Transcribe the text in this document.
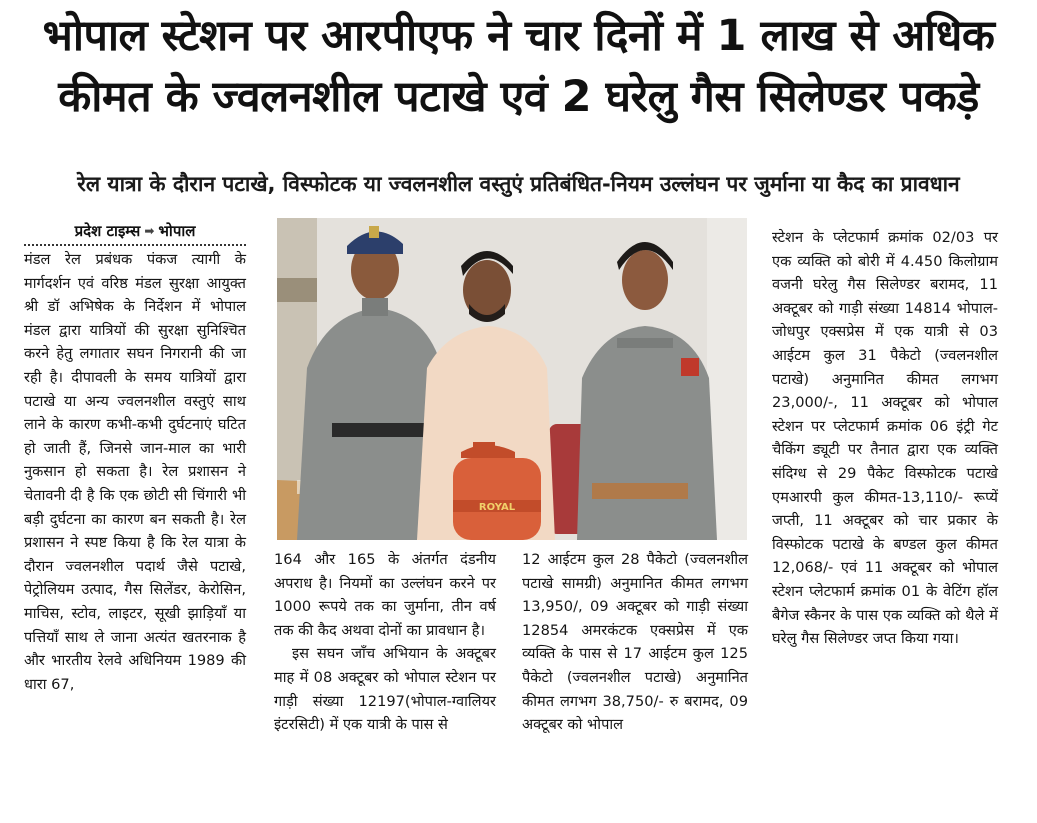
भोपाल स्टेशन पर आरपीएफ ने चार दिनों में 1 लाख से अधिक
कीमत के ज्वलनशील पटाखे एवं 2 घरेलु गैस सिलेण्डर पकड़े
रेल यात्रा के दौरान पटाखे, विस्फोटक या ज्वलनशील वस्तुएं प्रतिबंधित-नियम उल्लंघन पर जुर्माना या कैद का प्रावधान
प्रदेश टाइम्स ➡ भोपाल

मंडल रेल प्रबंधक पंकज त्यागी के मार्गदर्शन एवं वरिष्ठ मंडल सुरक्षा आयुक्त श्री डॉ अभिषेक के निर्देशन में भोपाल मंडल द्वारा यात्रियों की सुरक्षा सुनिश्चित करने हेतु लगातार सघन निगरानी की जा रही है। दीपावली के समय यात्रियों द्वारा पटाखे या अन्य ज्वलनशील वस्तुएं साथ लाने के कारण कभी-कभी दुर्घटनाएं घटित हो जाती हैं, जिनसे जान-माल का भारी नुकसान हो सकता है। रेल प्रशासन ने चेतावनी दी है कि एक छोटी सी चिंगारी भी बड़ी दुर्घटना का कारण बन सकती है। रेल प्रशासन ने स्पष्ट किया है कि रेल यात्रा के दौरान ज्वलनशील पदार्थ जैसे पटाखे, पेट्रोलियम उत्पाद, गैस सिलेंडर, केरोसिन, माचिस, स्टोव, लाइटर, सूखी झाड़ियाँ या पत्तियाँ साथ ले जाना अत्यंत खतरनाक है और भारतीय रेलवे अधिनियम 1989 की धारा 67,

ROYAL

164 और 165 के अंतर्गत दंडनीय अपराध है। नियमों का उल्लंघन करने पर 1000 रूपये तक का जुर्माना, तीन वर्ष तक की कैद अथवा दोनों का प्रावधान है।

इस सघन जाँच अभियान के अक्टूबर माह में 08 अक्टूबर को भोपाल स्टेशन पर गाड़ी संख्या 12197(भोपाल-ग्वालियर इंटरसिटी) में एक यात्री के पास से

12 आईटम कुल 28 पैकेटो (ज्वलनशील पटाखे सामग्री) अनुमानित कीमत लगभग 13,950/, 09 अक्टूबर को गाड़ी संख्या 12854 अमरकंटक एक्सप्रेस में एक व्यक्ति के पास से 17 आईटम कुल 125 पैकेटो (ज्वलनशील पटाखे) अनुमानित कीमत लगभग 38,750/- रु बरामद, 09 अक्टूबर को भोपाल

स्टेशन के प्लेटफार्म क्रमांक 02/03 पर एक व्यक्ति को बोरी में 4.450 किलोग्राम वजनी घरेलु गैस सिलेण्डर बरामद, 11 अक्टूबर को गाड़ी संख्या 14814 भोपाल-जोधपुर एक्सप्रेस में एक यात्री से 03 आईटम कुल 31 पैकेटो (ज्वलनशील पटाखे) अनुमानित कीमत लगभग 23,000/-, 11 अक्टूबर को भोपाल स्टेशन पर प्लेटफार्म क्रमांक 06 इंट्री गेट चैकिंग ड्यूटी पर तैनात द्वारा एक व्यक्ति संदिग्ध से 29 पैकेट विस्फोटक पटाखे एमआरपी कुल कीमत-13,110/- रूप्यें जप्ती, 11 अक्टूबर को चार प्रकार के विस्फोटक पटाखे के बण्डल कुल कीमत 12,068/- एवं 11 अक्टूबर को भोपाल स्टेशन प्लेटफार्म क्रमांक 01 के वेटिंग हॉल बैगेज स्कैनर के पास एक व्यक्ति को थैले में घरेलु गैस सिलेण्डर जप्त किया गया।
